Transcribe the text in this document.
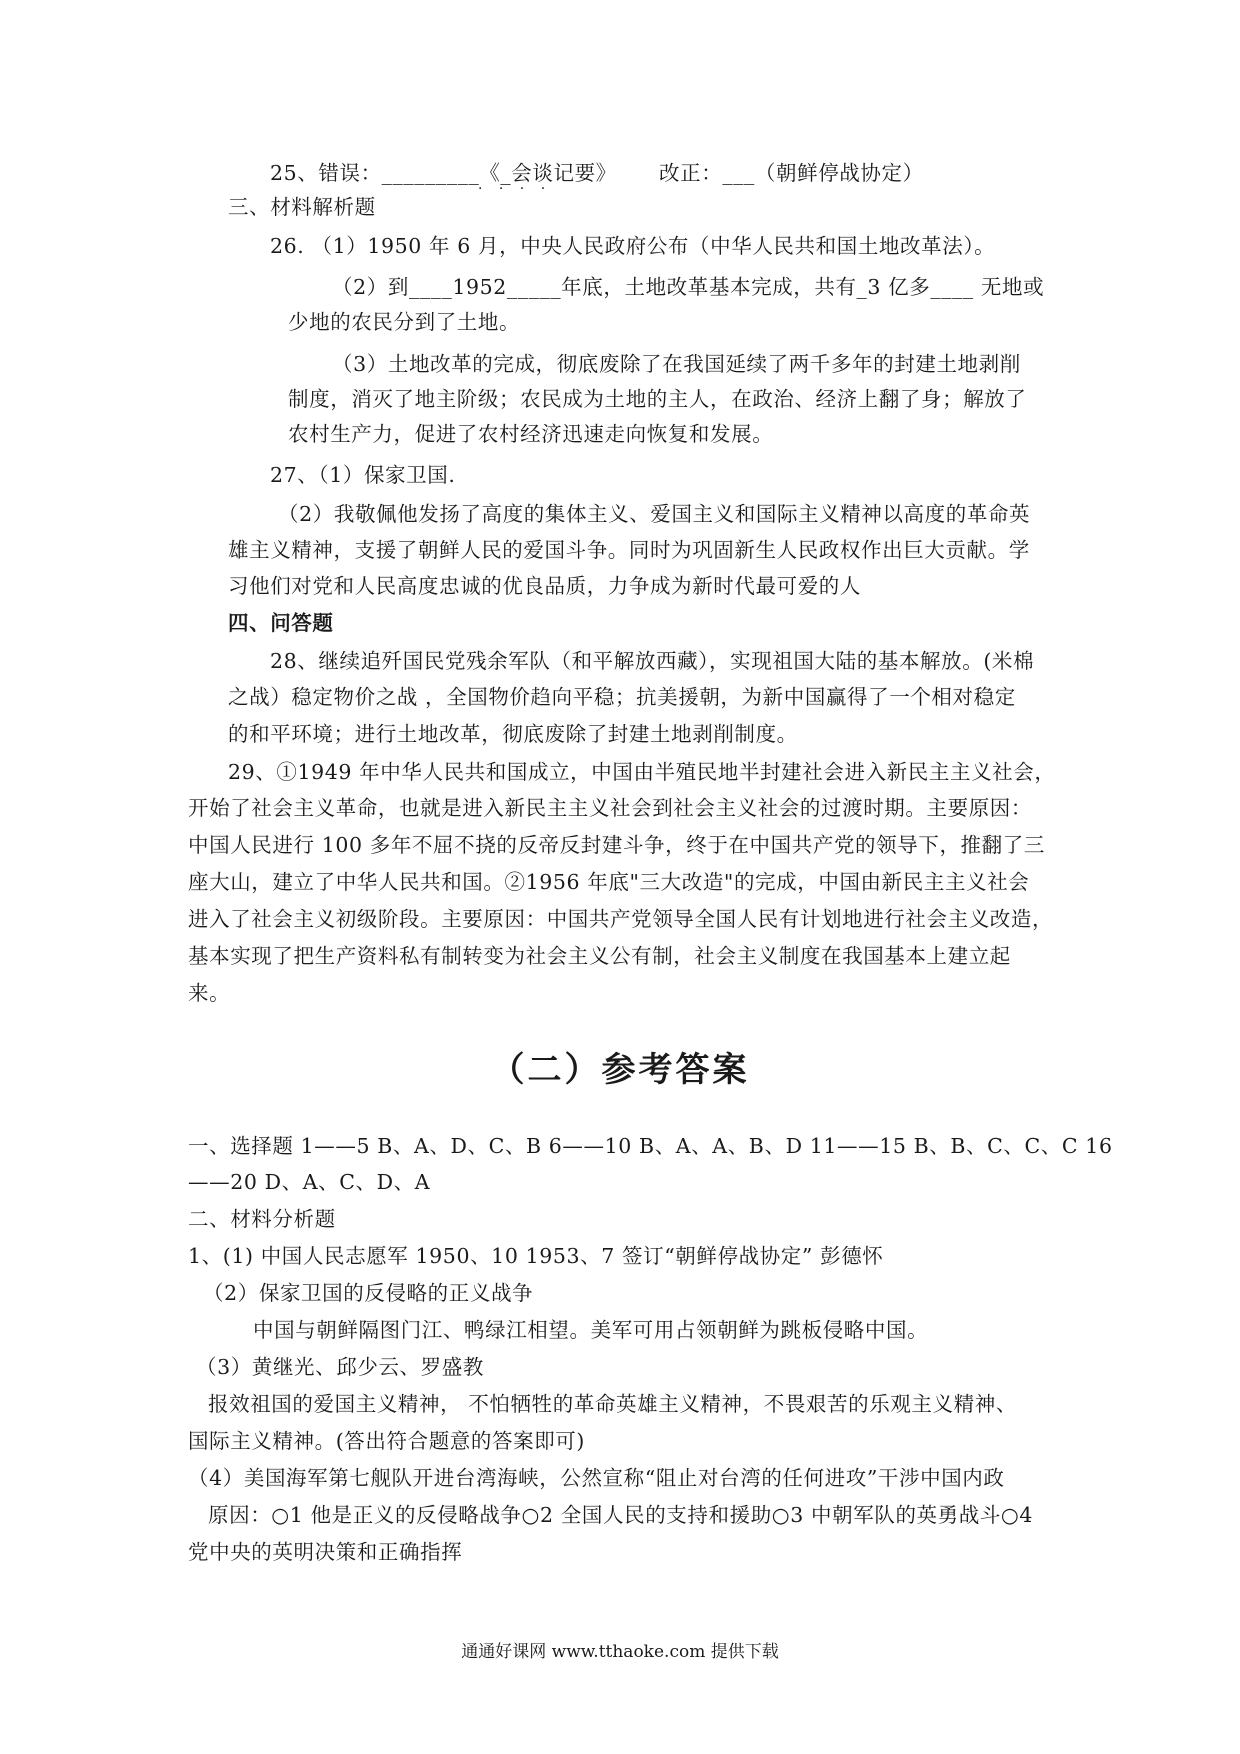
25、错误：_________《_会谈记要》 改正：___（朝鲜停战协定）
· · · ·
三、材料解析题
26. （1）1950 年 6 月，中央人民政府公布（中华人民共和国土地改革法）。
（2）到____1952_____年底，土地改革基本完成，共有_3 亿多____ 无地或
少地的农民分到了土地。
（3）土地改革的完成，彻底废除了在我国延续了两千多年的封建土地剥削
制度，消灭了地主阶级；农民成为土地的主人，在政治、经济上翻了身；解放了
农村生产力，促进了农村经济迅速走向恢复和发展。
27、（1）保家卫国.
（2）我敬佩他发扬了高度的集体主义、爱国主义和国际主义精神以高度的革命英
雄主义精神，支援了朝鲜人民的爱国斗争。同时为巩固新生人民政权作出巨大贡献。学
习他们对党和人民高度忠诚的优良品质，力争成为新时代最可爱的人
四、问答题
28、继续追歼国民党残余军队（和平解放西藏），实现祖国大陆的基本解放。(米棉
之战）稳定物价之战 ，全国物价趋向平稳；抗美援朝，为新中国赢得了一个相对稳定
的和平环境；进行土地改革，彻底废除了封建土地剥削制度。
29、①1949 年中华人民共和国成立，中国由半殖民地半封建社会进入新民主主义社会，
开始了社会主义革命，也就是进入新民主主义社会到社会主义社会的过渡时期。主要原因：
中国人民进行 100 多年不屈不挠的反帝反封建斗争，终于在中国共产党的领导下，推翻了三
座大山，建立了中华人民共和国。②1956 年底"三大改造"的完成，中国由新民主主义社会
进入了社会主义初级阶段。主要原因：中国共产党领导全国人民有计划地进行社会主义改造，
基本实现了把生产资料私有制转变为社会主义公有制，社会主义制度在我国基本上建立起
来。
（二）参考答案
一、选择题 1——5 B、A、D、C、B 6——10 B、A、A、B、D 11——15 B、B、C、C、C 16
——20 D、A、C、D、A
二、材料分析题
1、(1) 中国人民志愿军 1950、10 1953、7 签订“朝鲜停战协定” 彭德怀
（2）保家卫国的反侵略的正义战争
中国与朝鲜隔图门江、鸭绿江相望。美军可用占领朝鲜为跳板侵略中国。
（3）黄继光、邱少云、罗盛教
报效祖国的爱国主义精神， 不怕牺牲的革命英雄主义精神，不畏艰苦的乐观主义精神、
国际主义精神。(答出符合题意的答案即可)
（4）美国海军第七舰队开进台湾海峡，公然宣称“阻止对台湾的任何进攻”干涉中国内政
原因：○1 他是正义的反侵略战争○2 全国人民的支持和援助○3 中朝军队的英勇战斗○4
党中央的英明决策和正确指挥
通通好课网 www.tthaoke.com 提供下载
